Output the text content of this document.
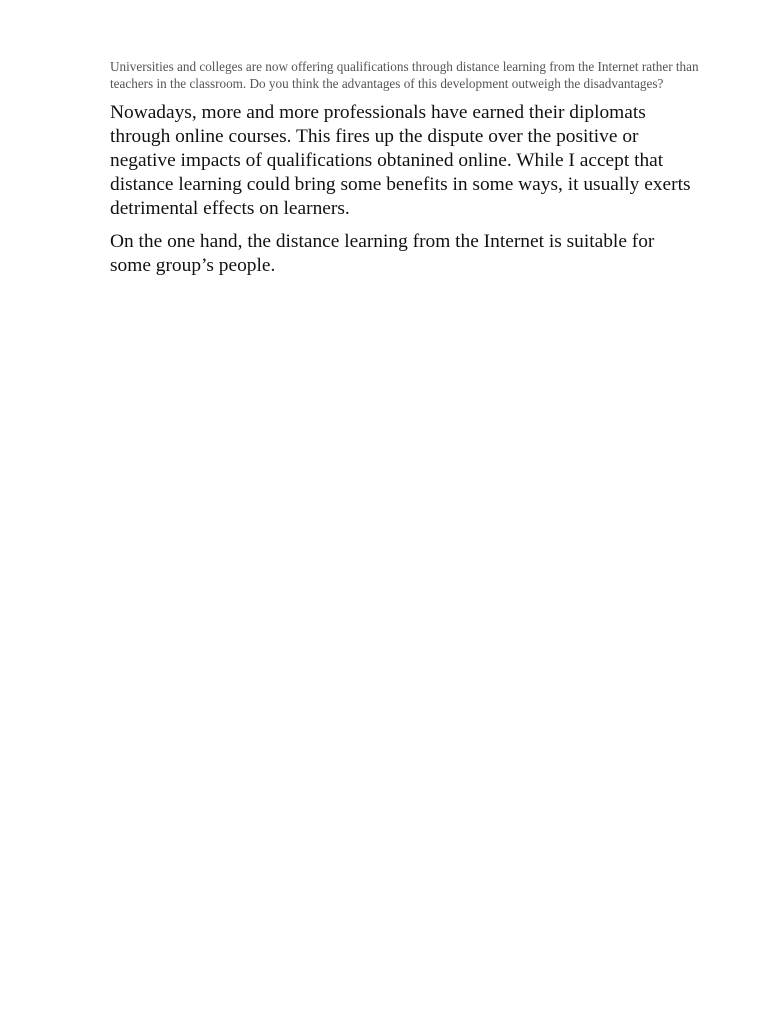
Universities and colleges are now offering qualifications through distance learning from the Internet rather than teachers in the classroom. Do you think the advantages of this development outweigh the disadvantages?

Nowadays, more and more professionals have earned their diplomats through online courses. This fires up the dispute over the positive or negative impacts of qualifications obtanined online. While I accept that distance learning could bring some benefits in some ways, it usually exerts detrimental effects on learners.

On the one hand, the distance learning from the Internet is suitable for some group’s people.
